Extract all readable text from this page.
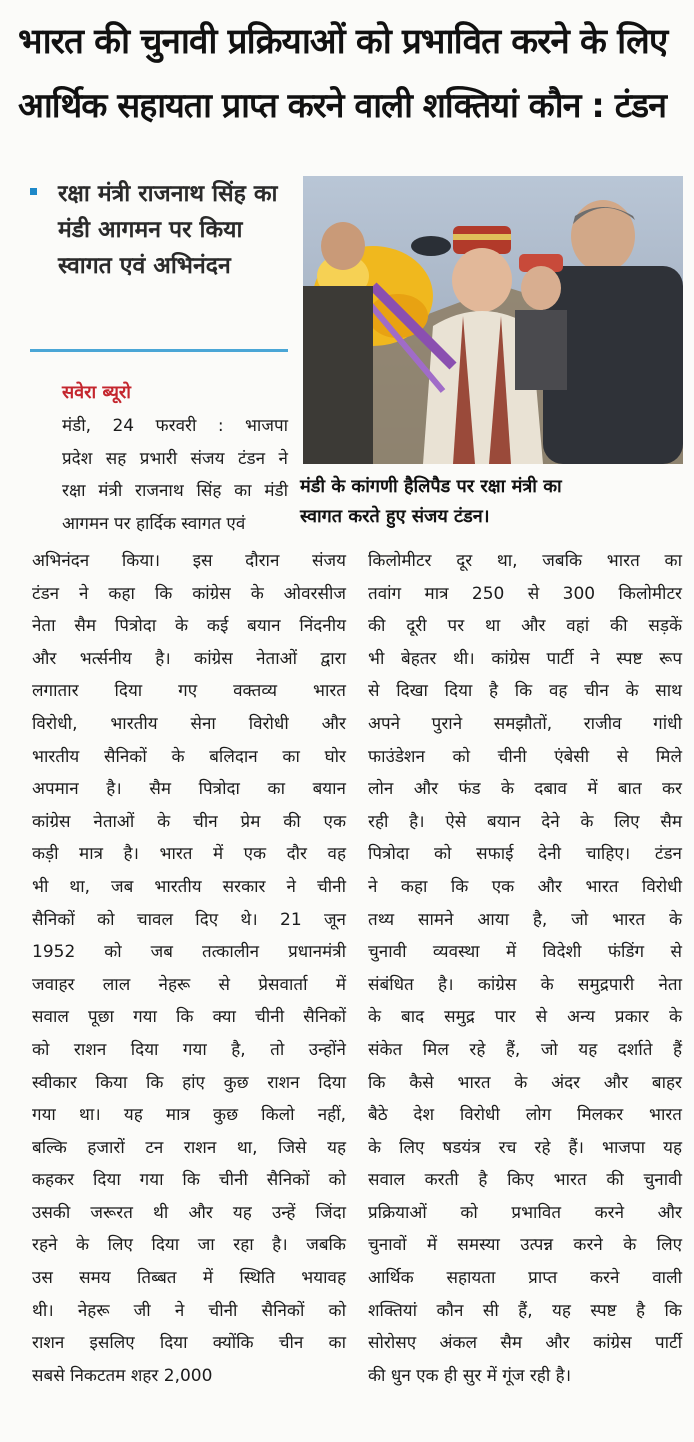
भारत की चुनावी प्रक्रियाओं को प्रभावित करने के लिए
आर्थिक सहायता प्राप्त करने वाली शक्तियां कौन : टंडन
रक्षा मंत्री राजनाथ सिंह का मंडी आगमन पर किया स्वागत एवं अभिनंदन
सवेरा ब्यूरो
मंडी के कांगणी हैलिपैड पर रक्षा मंत्री का
स्वागत करते हुए संजय टंडन।
मंडी, 24 फरवरी : भाजपा
प्रदेश सह प्रभारी संजय टंडन ने
रक्षा मंत्री राजनाथ सिंह का मंडी
आगमन पर हार्दिक स्वागत एवं
अभिनंदन किया। इस दौरान संजय
टंडन ने कहा कि कांग्रेस के ओवरसीज
नेता सैम पित्रोदा के कई बयान निंदनीय
और भर्त्सनीय है। कांग्रेस नेताओं द्वारा
लगातार दिया गए वक्तव्य भारत
विरोधी, भारतीय सेना विरोधी और
भारतीय सैनिकों के बलिदान का घोर
अपमान है। सैम पित्रोदा का बयान
कांग्रेस नेताओं के चीन प्रेम की एक
कड़ी मात्र है। भारत में एक दौर वह
भी था, जब भारतीय सरकार ने चीनी
सैनिकों को चावल दिए थे। 21 जून
1952 को जब तत्कालीन प्रधानमंत्री
जवाहर लाल नेहरू से प्रेसवार्ता में
सवाल पूछा गया कि क्या चीनी सैनिकों
को राशन दिया गया है, तो उन्होंने
स्वीकार किया कि हांए कुछ राशन दिया
गया था। यह मात्र कुछ किलो नहीं,
बल्कि हजारों टन राशन था, जिसे यह
कहकर दिया गया कि चीनी सैनिकों को
उसकी जरूरत थी और यह उन्हें जिंदा
रहने के लिए दिया जा रहा है। जबकि
उस समय तिब्बत में स्थिति भयावह
थी। नेहरू जी ने चीनी सैनिकों को
राशन इसलिए दिया क्योंकि चीन का
सबसे निकटतम शहर 2,000
किलोमीटर दूर था, जबकि भारत का
तवांग मात्र 250 से 300 किलोमीटर
की दूरी पर था और वहां की सड़कें
भी बेहतर थी। कांग्रेस पार्टी ने स्पष्ट रूप
से दिखा दिया है कि वह चीन के साथ
अपने पुराने समझौतों, राजीव गांधी
फाउंडेशन को चीनी एंबेसी से मिले
लोन और फंड के दबाव में बात कर
रही है। ऐसे बयान देने के लिए सैम
पित्रोदा को सफाई देनी चाहिए। टंडन
ने कहा कि एक और भारत विरोधी
तथ्य सामने आया है, जो भारत के
चुनावी व्यवस्था में विदेशी फंडिंग से
संबंधित है। कांग्रेस के समुद्रपारी नेता
के बाद समुद्र पार से अन्य प्रकार के
संकेत मिल रहे हैं, जो यह दर्शाते हैं
कि कैसे भारत के अंदर और बाहर
बैठे देश विरोधी लोग मिलकर भारत
के लिए षडयंत्र रच रहे हैं। भाजपा यह
सवाल करती है किए भारत की चुनावी
प्रक्रियाओं को प्रभावित करने और
चुनावों में समस्या उत्पन्न करने के लिए
आर्थिक सहायता प्राप्त करने वाली
शक्तियां कौन सी हैं, यह स्पष्ट है कि
सोरोसए अंकल सैम और कांग्रेस पार्टी
की धुन एक ही सुर में गूंज रही है।
